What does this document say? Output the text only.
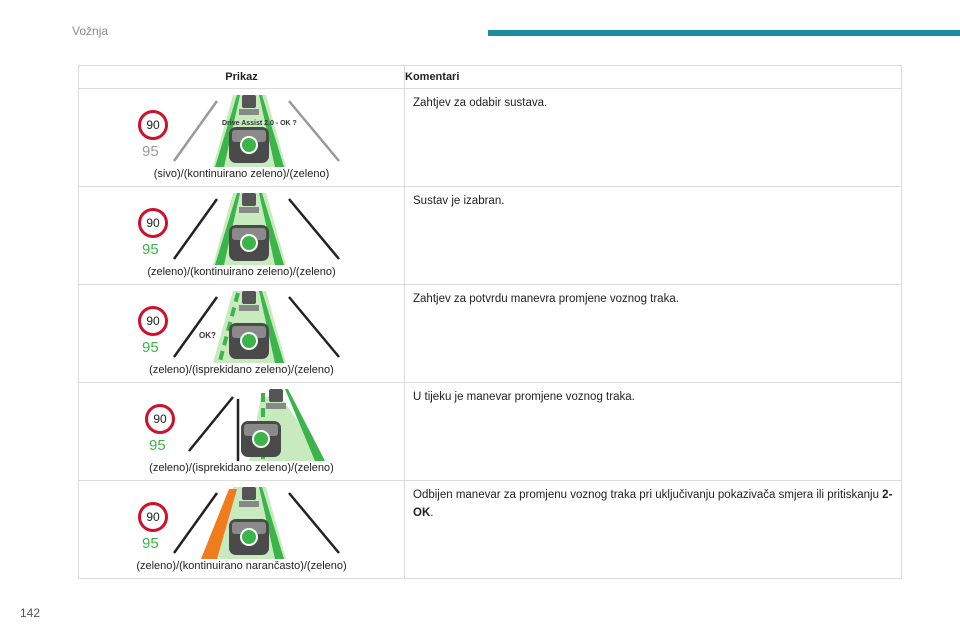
Vožnja
Prikaz	Komentari

90
95
Drive Assist 2.0 - OK ?
(sivo)/(kontinuirano zeleno)/(zeleno)	Zahtjev za odabir sustava.

90
95
(zeleno)/(kontinuirano zeleno)/(zeleno)	Sustav je izabran.

90
95
OK?
(zeleno)/(isprekidano zeleno)/(zeleno)	Zahtjev za potvrdu manevra promjene voznog traka.

90
95
(zeleno)/(isprekidano zeleno)/(zeleno)	U tijeku je manevar promjene voznog traka.

90
95
(zeleno)/(kontinuirano narančasto)/(zeleno)	Odbijen manevar za promjenu voznog traka pri uključivanju pokazivača smjera ili pritiskanju 2-OK.
142
